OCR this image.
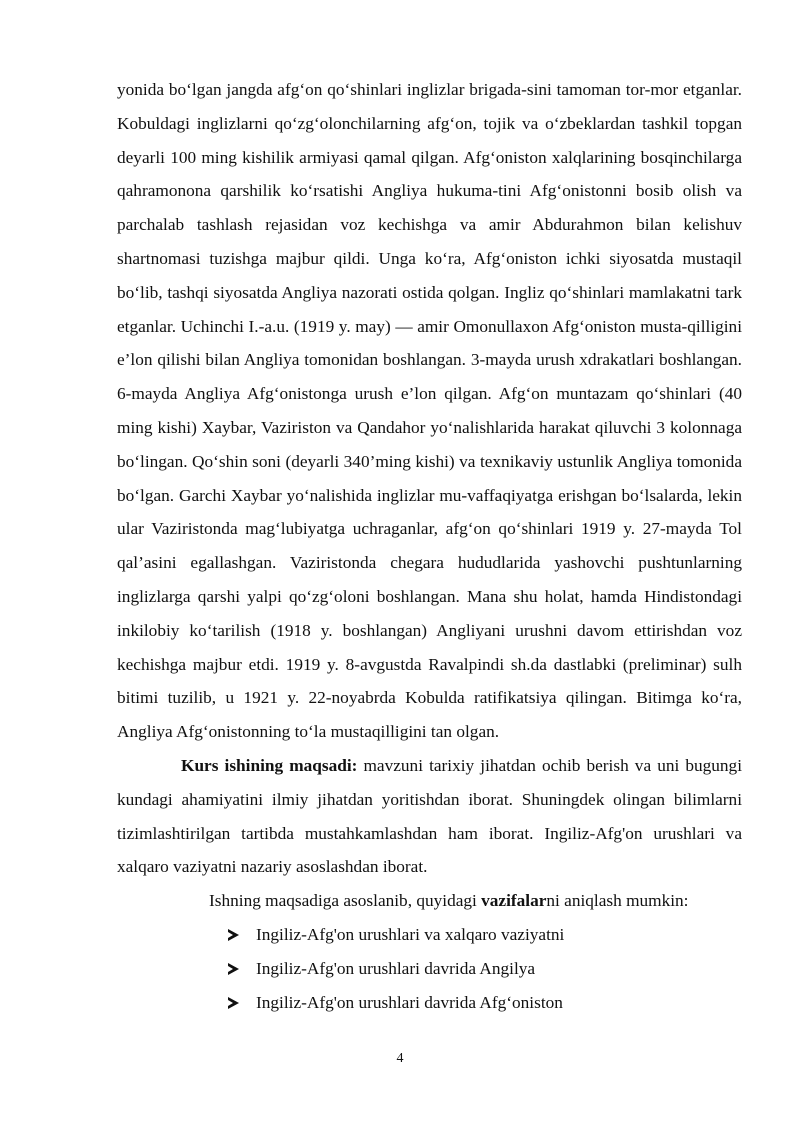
yonida bo‘lgan jangda afg‘on qo‘shinlari inglizlar brigada-sini tamoman tor-mor etganlar. Kobuldagi inglizlarni qo‘zg‘olonchilarning afg‘on, tojik va o‘zbeklardan tashkil topgan deyarli 100 ming kishilik armiyasi qamal qilgan. Afg‘oniston xalqlarining bosqinchilarga qahramonona qarshilik ko‘rsatishi Angliya hukuma-tini Afg‘onistonni bosib olish va parchalab tashlash rejasidan voz kechishga va amir Abdurahmon bilan kelishuv shartnomasi tuzishga majbur qildi. Unga ko‘ra, Afg‘oniston ichki siyosatda mustaqil bo‘lib, tashqi siyosatda Angliya nazorati ostida qolgan. Ingliz qo‘shinlari mamlakatni tark etganlar. Uchinchi I.-a.u. (1919 y. may) — amir Omonullaxon Afg‘oniston musta-qilligini e’lon qilishi bilan Angliya tomonidan boshlangan. 3-mayda urush xdrakatlari boshlangan. 6-mayda Angliya Afg‘onistonga urush e’lon qilgan. Afg‘on muntazam qo‘shinlari (40 ming kishi) Xaybar, Vaziriston va Qandahor yo‘nalishlarida harakat qiluvchi 3 kolonnaga bo‘lingan. Qo‘shin soni (deyarli 340’ming kishi) va texnikaviy ustunlik Angliya tomonida bo‘lgan. Garchi Xaybar yo‘nalishida inglizlar mu-vaffaqiyatga erishgan bo‘lsalarda, lekin ular Vaziristonda mag‘lubiyatga uchraganlar, afg‘on qo‘shinlari 1919 y. 27-mayda Tol qal’asini egallashgan. Vaziristonda chegara hududlarida yashovchi pushtunlarning inglizlarga qarshi yalpi qo‘zg‘oloni boshlangan. Mana shu holat, hamda Hindistondagi inkilobiy ko‘tarilish (1918 y. boshlangan) Angliyani urushni davom ettirishdan voz kechishga majbur etdi. 1919 y. 8-avgustda Ravalpindi sh.da dastlabki (preliminar) sulh bitimi tuzilib, u 1921 y. 22-noyabrda Kobulda ratifikatsiya qilingan. Bitimga ko‘ra, Angliya Afg‘onistonning to‘la mustaqilligini tan olgan.

Kurs ishining maqsadi: mavzuni tarixiy jihatdan ochib berish va uni bugungi kundagi ahamiyatini ilmiy jihatdan yoritishdan iborat. Shuningdek olingan bilimlarni tizimlashtirilgan tartibda mustahkamlashdan ham iborat. Ingiliz-Afg'on urushlari va xalqaro vaziyatni nazariy asoslashdan iborat.

Ishning maqsadiga asoslanib, quyidagi vazifalarni aniqlash mumkin:

Ingiliz-Afg'on urushlari va xalqaro vaziyatni
Ingiliz-Afg'on urushlari davrida Angilya
Ingiliz-Afg'on urushlari davrida Afg‘oniston
4
